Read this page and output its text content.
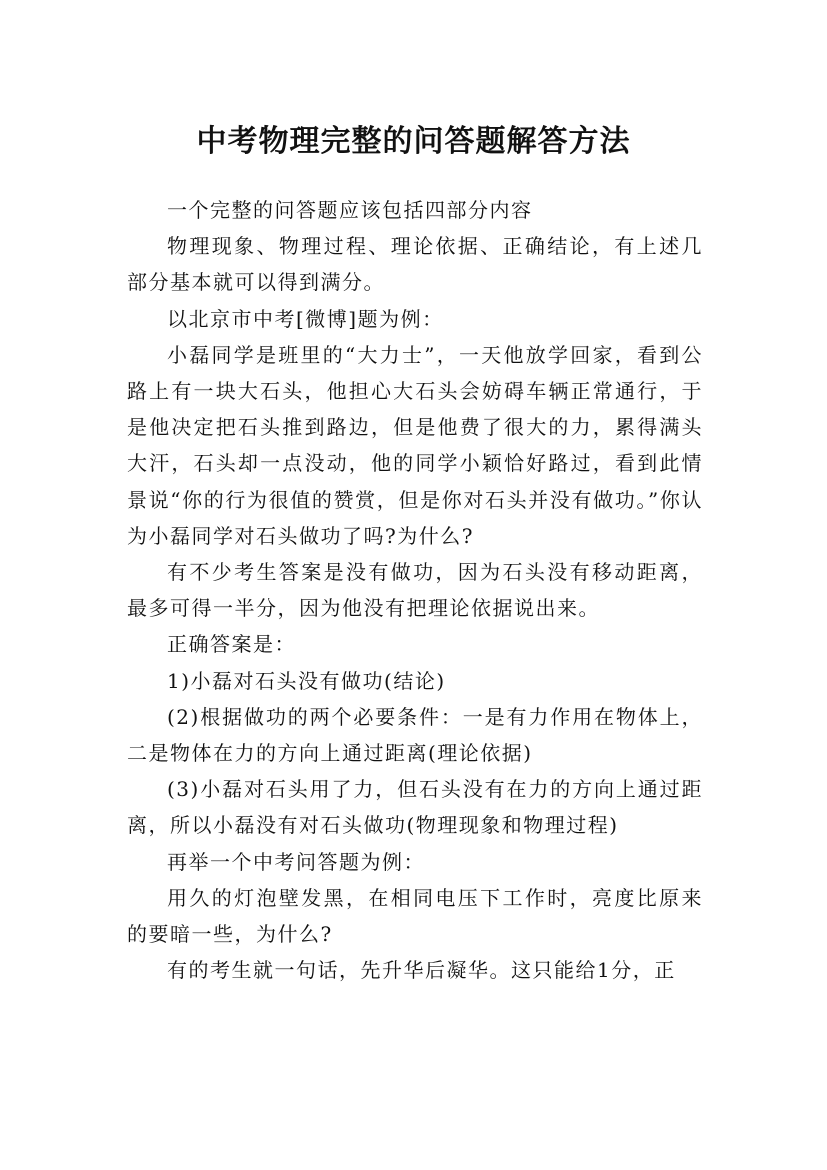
中考物理完整的问答题解答方法

一个完整的问答题应该包括四部分内容

物理现象、物理过程、理论依据、正确结论，有上述几部分基本就可以得到满分。

以北京市中考[微博]题为例：

小磊同学是班里的“大力士”，一天他放学回家，看到公路上有一块大石头，他担心大石头会妨碍车辆正常通行，于是他决定把石头推到路边，但是他费了很大的力，累得满头大汗，石头却一点没动，他的同学小颖恰好路过，看到此情景说“你的行为很值的赞赏，但是你对石头并没有做功。”你认为小磊同学对石头做功了吗?为什么?

有不少考生答案是没有做功，因为石头没有移动距离，最多可得一半分，因为他没有把理论依据说出来。

正确答案是：

1)小磊对石头没有做功(结论)

(2)根据做功的两个必要条件：一是有力作用在物体上，二是物体在力的方向上通过距离(理论依据)

(3)小磊对石头用了力，但石头没有在力的方向上通过距离，所以小磊没有对石头做功(物理现象和物理过程)

再举一个中考问答题为例：

用久的灯泡壁发黑，在相同电压下工作时，亮度比原来的要暗一些，为什么?

有的考生就一句话，先升华后凝华。这只能给1分，正
